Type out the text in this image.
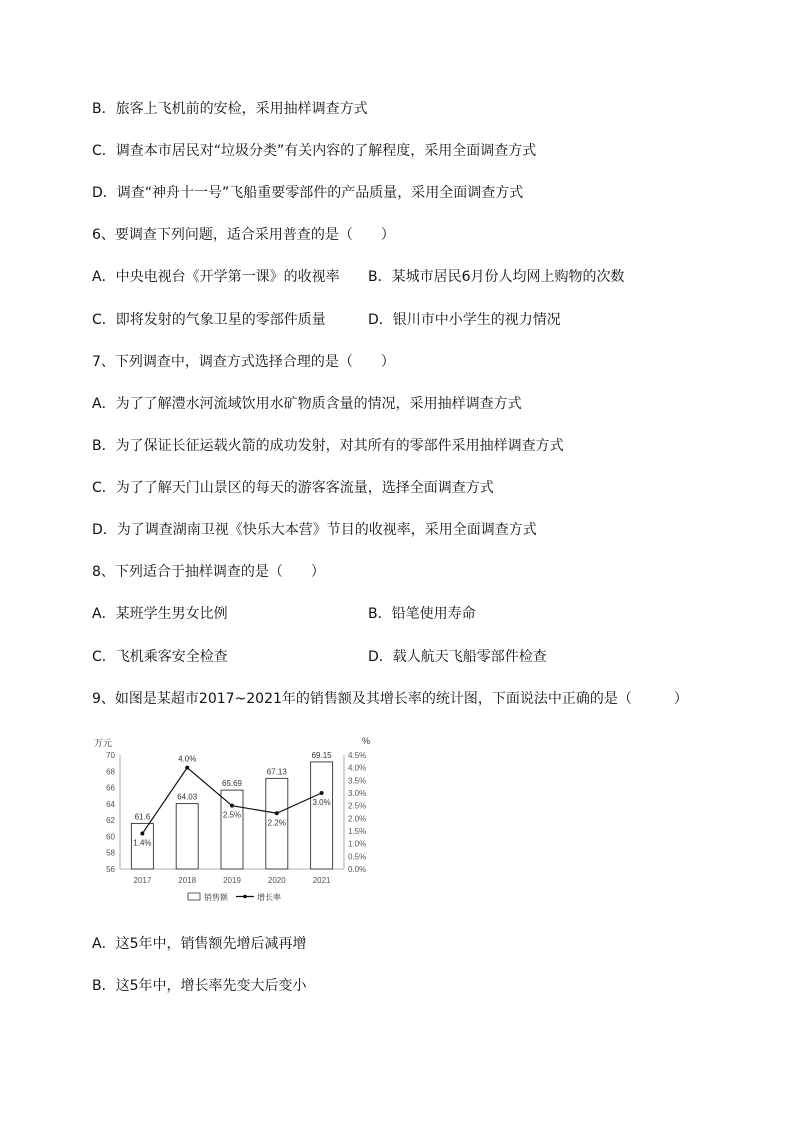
B．旅客上飞机前的安检，采用抽样调查方式
C．调查本市居民对“垃圾分类”有关内容的了解程度，采用全面调查方式
D．调查“神舟十一号”飞船重要零部件的产品质量，采用全面调查方式
6、要调查下列问题，适合采用普查的是（　　）
A．中央电视台《开学第一课》的收视率 B．某城市居民6月份人均网上购物的次数
C．即将发射的气象卫星的零部件质量	D．银川市中小学生的视力情况
7、下列调查中，调查方式选择合理的是（　　）
A．为了了解澧水河流域饮用水矿物质含量的情况，采用抽样调查方式
B．为了保证长征运载火箭的成功发射，对其所有的零部件采用抽样调查方式
C．为了了解天门山景区的每天的游客客流量，选择全面调查方式
D．为了调查湖南卫视《快乐大本营》节目的收视率，采用全面调查方式
8、下列适合于抽样调查的是（　　）
A．某班学生男女比例	B．铅笔使用寿命
C．飞机乘客安全检查	D．载人航天飞船零部件检查
9、如图是某超市2017~2021年的销售额及其增长率的统计图，下面说法中正确的是（　　　）
万元	%
56
58
60
62
64
66
68
70
0.0%
0.5%
1.0%
1.5%
2.0%
2.5%
3.0%
3.5%
4.0%
4.5%
2017	2018	2019	2020	2021
61.6
64.03
65.69
67.13
69.15
1.4%
4.0%
2.5%
2.2%
3.0%
销售额	增长率
A．这5年中，销售额先增后减再增
B．这5年中，增长率先变大后变小
